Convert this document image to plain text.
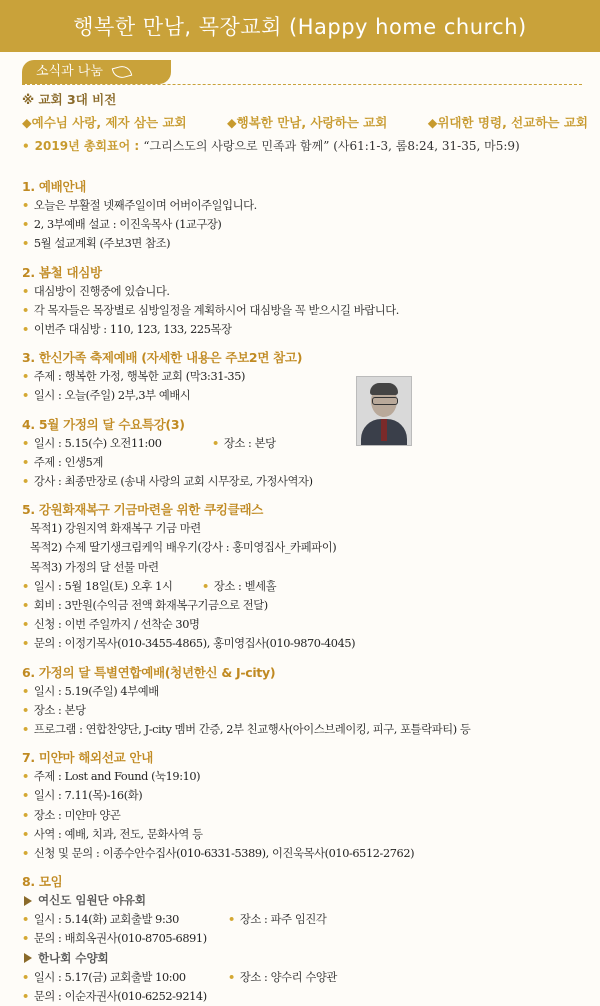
행복한 만남, 목장교회 (Happy home church)
소식과 나눔
※ 교회 3대 비전
◆예수님 사랑, 제자 삼는 교회	◆행복한 만남, 사랑하는 교회	◆위대한 명령, 선교하는 교회
• 2019년 총회표어 : “그리스도의 사랑으로 민족과 함께” (사61:1-3, 롬8:24, 31-35, 마5:9)
1. 예배안내
• 오늘은 부활절 넷째주일이며 어버이주일입니다.
• 2, 3부예배 설교 : 이진욱목사 (1교구장)
• 5월 설교계획 (주보3면 참조)
2. 봄철 대심방
• 대심방이 진행중에 있습니다.
• 각 목자들은 목장별로 심방일정을 계획하시어 대심방을 꼭 받으시길 바랍니다.
• 이번주 대심방 : 110, 123, 133, 225목장
3. 한신가족 축제예배 (자세한 내용은 주보2면 참고)
• 주제 : 행복한 가정, 행복한 교회 (막3:31-35)
• 일시 : 오늘(주일) 2부,3부 예배시
4. 5월 가정의 달 수요특강(3)
• 일시 : 5.15(수) 오전11:00	• 장소 : 본당
• 주제 : 인생5계
• 강사 : 최종만장로 (송내 사랑의 교회 시무장로, 가정사역자)
5. 강원화재복구 기금마련을 위한 쿠킹클래스
목적1) 강원지역 화재복구 기금 마련
목적2) 수제 딸기생크림케익 배우기(강사 : 홍미영집사_카페파이)
목적3) 가정의 달 선물 마련
• 일시 : 5월 18일(토) 오후 1시	• 장소 : 벧세홀
• 회비 : 3만원(수익금 전액 화재복구기금으로 전달)
• 신청 : 이번 주일까지 / 선착순 30명
• 문의 : 이정기목사(010-3455-4865), 홍미영집사(010-9870-4045)
6. 가정의 달 특별연합예배(청년한신 & J-city)
• 일시 : 5.19(주일) 4부예배
• 장소 : 본당
• 프로그램 : 연합찬양단, J-city 멤버 간증, 2부 친교행사(아이스브레이킹, 피구, 포틀락파티) 등
7. 미얀마 해외선교 안내
• 주제 : Lost and Found (눅19:10)
• 일시 : 7.11(목)-16(화)
• 장소 : 미얀마 양곤
• 사역 : 예배, 치과, 전도, 문화사역 등
• 신청 및 문의 : 이종수안수집사(010-6331-5389), 이진욱목사(010-6512-2762)
8. 모임
여신도 임원단 야유회
• 일시 : 5.14(화) 교회출발 9:30	• 장소 : 파주 임진각
• 문의 : 배희옥권사(010-8705-6891)
한나회 수양회
• 일시 : 5.17(금) 교회출발 10:00	• 장소 : 양수리 수양관
• 문의 : 이순자권사(010-6252-9214)
